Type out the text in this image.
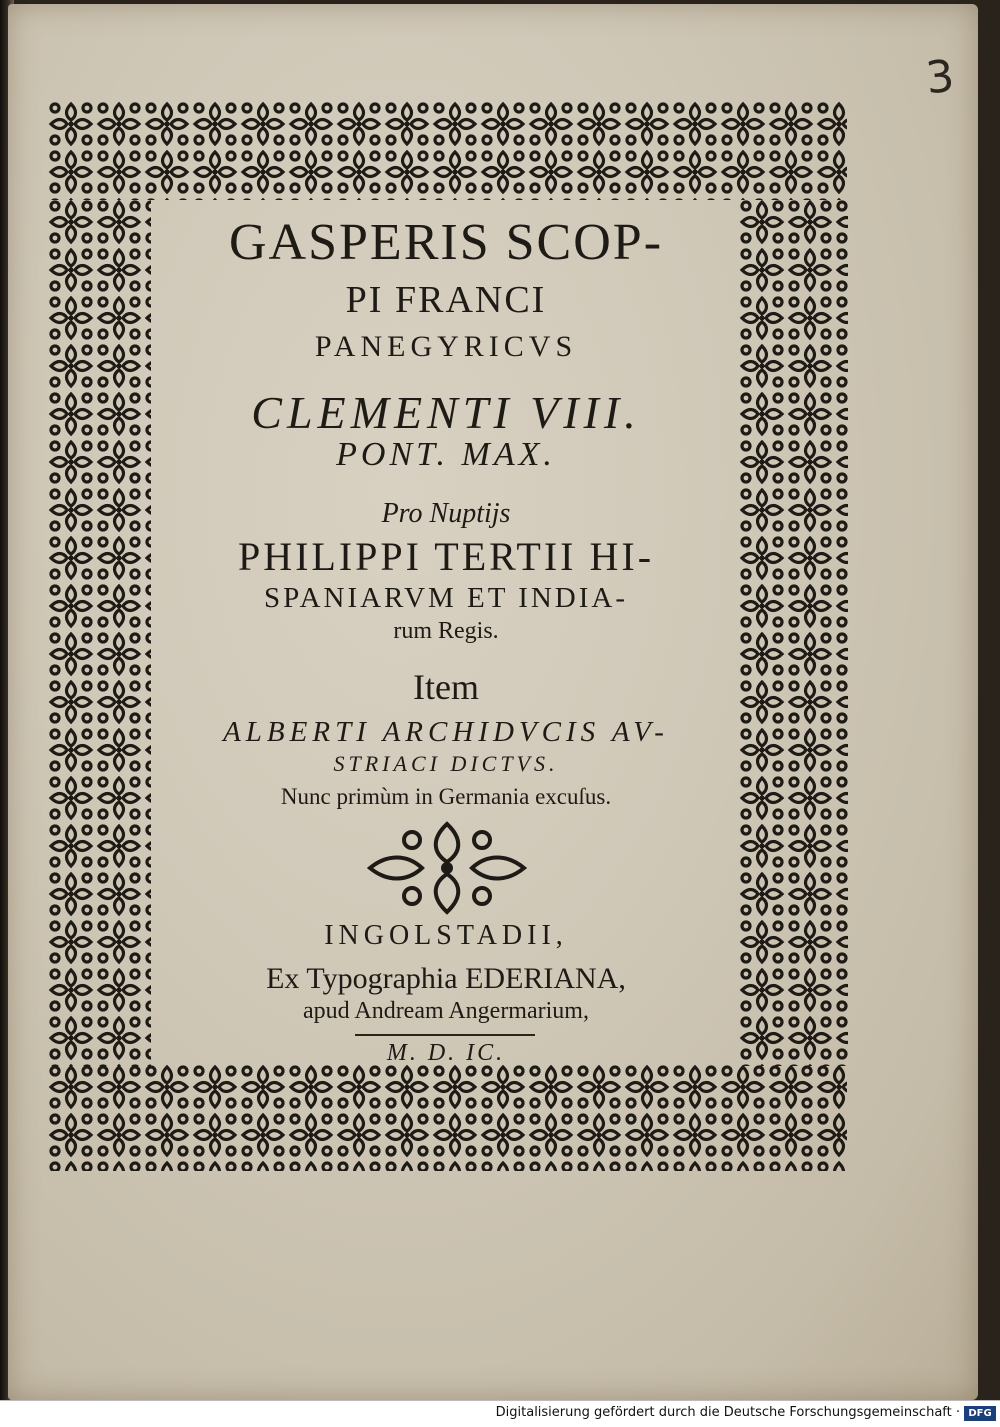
3

GASPERIS SCOP-

PI FRANCI

PANEGYRICVS

CLEMENTI VIII.

PONT. MAX.

Pro Nuptijs

PHILIPPI TERTII HI-

SPANIARVM ET INDIA-

rum Regis.

Item

ALBERTI ARCHIDVCIS AV-

STRIACI DICTVS.

Nunc primùm in Germania excuſus.

INGOLSTADII,

Ex Typographia EDERIANA,

apud Andream Angermarium,

M. D. IC.

Digitalisierung gefördert durch die Deutsche Forschungsgemeinschaft · DFG
